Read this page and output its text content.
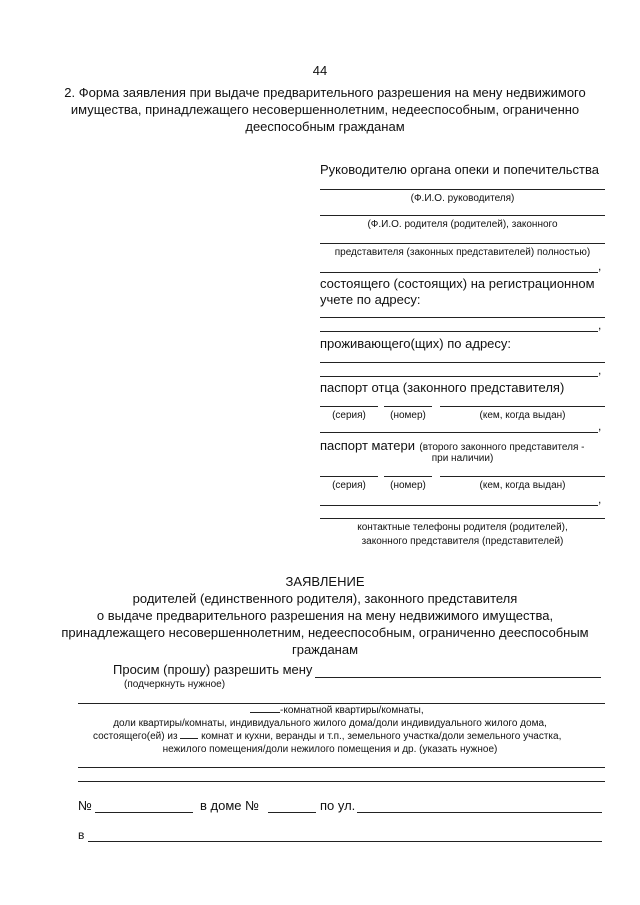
44
2. Форма заявления при выдаче предварительного разрешения на мену недвижимого
имущества, принадлежащего несовершеннолетним, недееспособным, ограниченно
дееспособным гражданам
Руководителю органа опеки и попечительства
(Ф.И.О. руководителя)
(Ф.И.О. родителя (родителей), законного
представителя (законных представителей) полностью)
,
состоящего (состоящих) на регистрационном
учете по адресу:
,
проживающего(щих) по адресу:
,
паспорт отца (законного представителя)
(серия)	(номер)	(кем, когда выдан)
,
паспорт матери (второго законного представителя -
при наличии)
(серия)	(номер)	(кем, когда выдан)
,
контактные телефоны родителя (родителей),
законного представителя (представителей)
ЗАЯВЛЕНИЕ
родителей (единственного родителя), законного представителя
о выдаче предварительного разрешения на мену недвижимого имущества,
принадлежащего несовершеннолетним, недееспособным, ограниченно дееспособным
гражданам
Просим (прошу) разрешить мену
(подчеркнуть нужное)
-комнатной квартиры/комнаты,
доли квартиры/комнаты, индивидуального жилого дома/доли индивидуального жилого дома,
состоящего(ей) из комнат и кухни, веранды и т.п., земельного участка/доли земельного участка,
нежилого помещения/доли нежилого помещения и др. (указать нужное)
№	в доме №	по ул.
в
